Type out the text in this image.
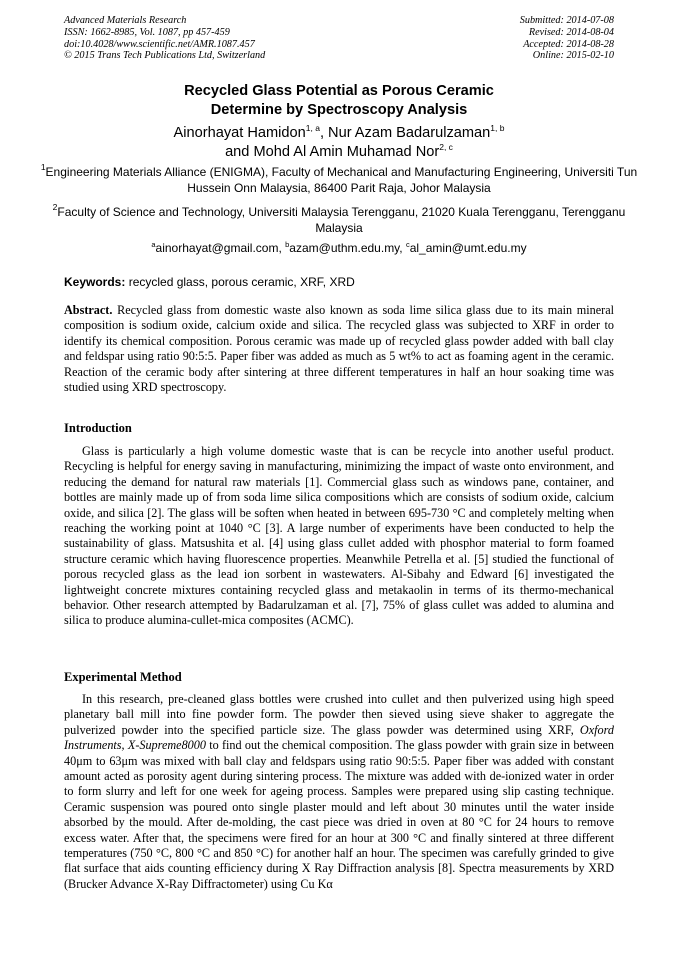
Advanced Materials Research
ISSN: 1662-8985, Vol. 1087, pp 457-459
doi:10.4028/www.scientific.net/AMR.1087.457
© 2015 Trans Tech Publications Ltd, Switzerland
Submitted: 2014-07-08
Revised: 2014-08-04
Accepted: 2014-08-28
Online: 2015-02-10
Recycled Glass Potential as Porous Ceramic
Determine by Spectroscopy Analysis
Ainorhayat Hamidon$^{1, a}$, Nur Azam Badarulzaman$^{1, b}$
and Mohd Al Amin Muhamad Nor$^{2, c}$
$^1$Engineering Materials Alliance (ENIGMA), Faculty of Mechanical and Manufacturing Engineering, Universiti Tun Hussein Onn Malaysia, 86400 Parit Raja, Johor Malaysia
$^2$Faculty of Science and Technology, Universiti Malaysia Terengganu, 21020 Kuala Terengganu, Terengganu Malaysia
$^a$ainorhayat@gmail.com, $^b$azam@uthm.edu.my, $^c$al_amin@umt.edu.my
Keywords: recycled glass, porous ceramic, XRF, XRD
Abstract. Recycled glass from domestic waste also known as soda lime silica glass due to its main mineral composition is sodium oxide, calcium oxide and silica. The recycled glass was subjected to XRF in order to identify its chemical composition. Porous ceramic was made up of recycled glass powder added with ball clay and feldspar using ratio 90:5:5. Paper fiber was added as much as 5 wt% to act as foaming agent in the ceramic. Reaction of the ceramic body after sintering at three different temperatures in half an hour soaking time was studied using XRD spectroscopy.
Introduction
Glass is particularly a high volume domestic waste that is can be recycle into another useful product. Recycling is helpful for energy saving in manufacturing, minimizing the impact of waste onto environment, and reducing the demand for natural raw materials [1]. Commercial glass such as windows pane, container, and bottles are mainly made up of from soda lime silica compositions which are consists of sodium oxide, calcium oxide, and silica [2]. The glass will be soften when heated in between 695-730 °C and completely melting when reaching the working point at 1040 °C [3]. A large number of experiments have been conducted to help the sustainability of glass. Matsushita et al. [4] using glass cullet added with phosphor material to form foamed structure ceramic which having fluorescence properties. Meanwhile Petrella et al. [5] studied the functional of porous recycled glass as the lead ion sorbent in wastewaters. Al-Sibahy and Edward [6] investigated the lightweight concrete mixtures containing recycled glass and metakaolin in terms of its thermo-mechanical behavior. Other research attempted by Badarulzaman et al. [7], 75% of glass cullet was added to alumina and silica to produce alumina-cullet-mica composites (ACMC).
Experimental Method
In this research, pre-cleaned glass bottles were crushed into cullet and then pulverized using high speed planetary ball mill into fine powder form. The powder then sieved using sieve shaker to aggregate the pulverized powder into the specified particle size. The glass powder was determined using XRF, Oxford Instruments, X-Supreme8000 to find out the chemical composition. The glass powder with grain size in between 40μm to 63μm was mixed with ball clay and feldspars using ratio 90:5:5. Paper fiber was added with constant amount acted as porosity agent during sintering process. The mixture was added with de-ionized water in order to form slurry and left for one week for ageing process. Samples were prepared using slip casting technique. Ceramic suspension was poured onto single plaster mould and left about 30 minutes until the water inside absorbed by the mould. After de-molding, the cast piece was dried in oven at 80 °C for 24 hours to remove excess water. After that, the specimens were fired for an hour at 300 °C and finally sintered at three different temperatures (750 °C, 800 °C and 850 °C) for another half an hour. The specimen was carefully grinded to give flat surface that aids counting efficiency during X Ray Diffraction analysis [8]. Spectra measurements by XRD (Brucker Advance X-Ray Diffractometer) using Cu Kα
